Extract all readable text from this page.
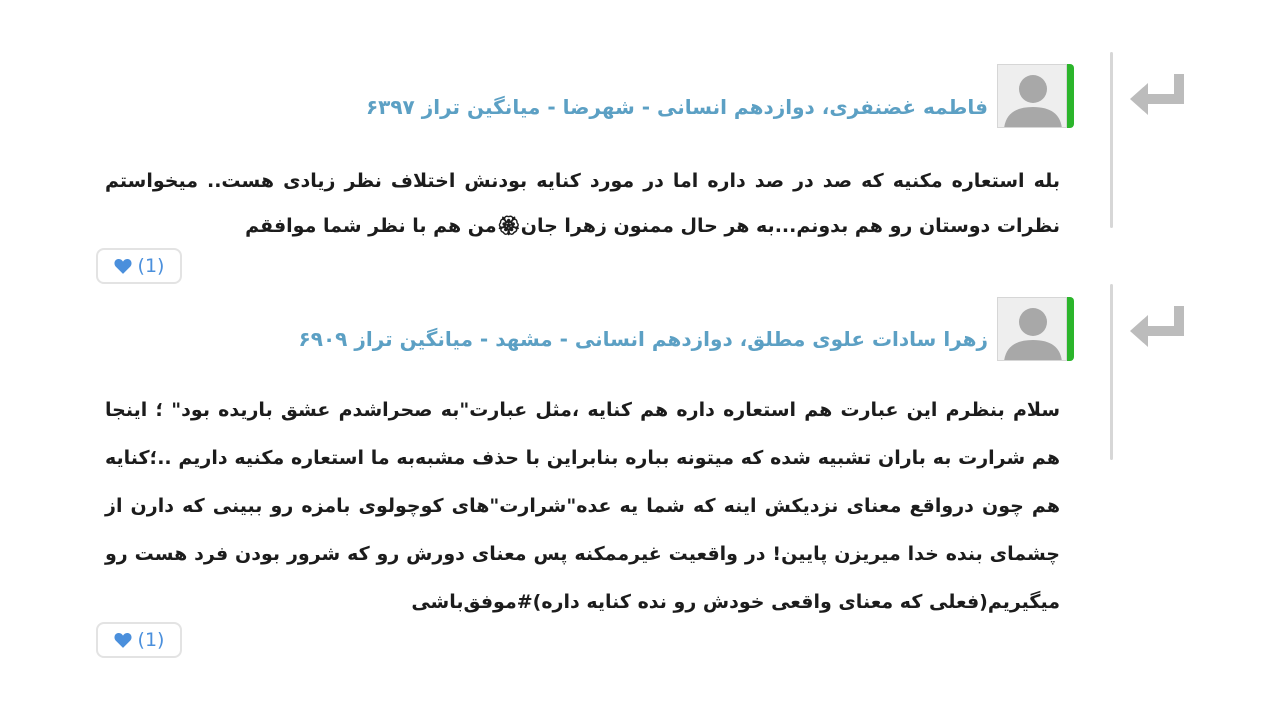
فاطمه غضنفری، دوازدهم انسانی - شهرضا - میانگین تراز ۶۳۹۷
بله استعاره مکنیه که صد در صد داره اما در مورد کنایه بودنش اختلاف نظر زیادی هست.. میخواستم نظرات دوستان رو هم بدونم...به هر حال ممنون زهرا جان🏵من هم با نظر شما موافقم
(1)
زهرا سادات علوی مطلق، دوازدهم انسانی - مشهد - میانگین تراز ۶۹۰۹
سلام بنظرم این عبارت هم استعاره داره هم کنایه ،مثل عبارت"به صحراشدم عشق باریده بود" ؛ اینجا هم شرارت به باران تشبیه شده که میتونه بباره بنابراین با حذف مشبه‌به ما استعاره مکنیه داریم ..؛کنایه هم چون درواقع معنای نزدیکش اینه که شما یه عده"شرارت"های کوچولوی بامزه رو ببینی که دارن از چشمای بنده خدا میریزن پایین! در واقعیت غیرممکنه پس معنای دورش رو که شرور بودن فرد هست رو میگیریم(فعلی که معنای واقعی خودش رو نده کنایه داره)#موفق‌باشی
(1)
